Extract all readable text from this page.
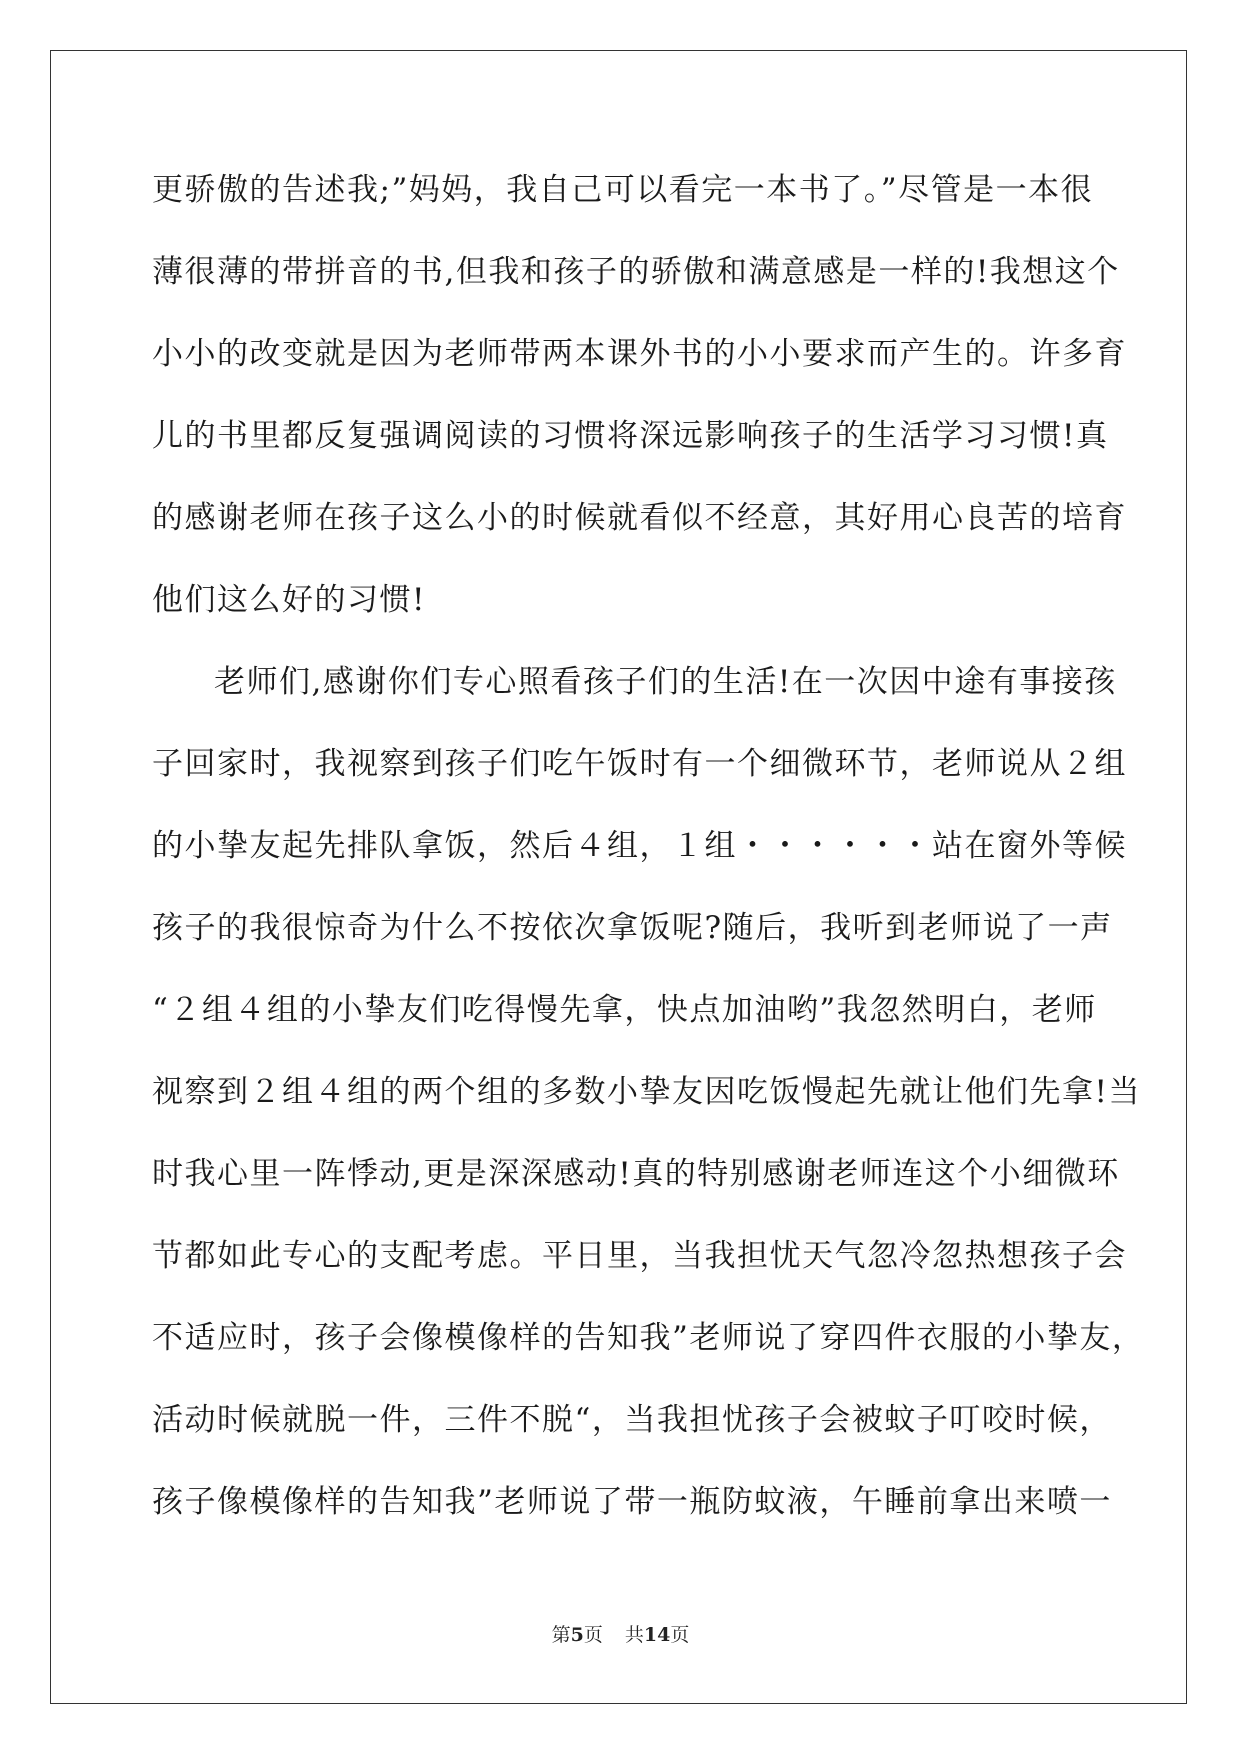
更骄傲的告述我;”妈妈，我自己可以看完一本书了。”尽管是一本很
薄很薄的带拼音的书,但我和孩子的骄傲和满意感是一样的!我想这个
小小的改变就是因为老师带两本课外书的小小要求而产生的。许多育
儿的书里都反复强调阅读的习惯将深远影响孩子的生活学习习惯!真
的感谢老师在孩子这么小的时候就看似不经意，其好用心良苦的培育
他们这么好的习惯!
老师们,感谢你们专心照看孩子们的生活!在一次因中途有事接孩
子回家时，我视察到孩子们吃午饭时有一个细微环节，老师说从２组
的小挚友起先排队拿饭，然后４组，１组・・・・・・站在窗外等候
孩子的我很惊奇为什么不按依次拿饭呢?随后，我听到老师说了一声
“２组４组的小挚友们吃得慢先拿，快点加油哟”我忽然明白，老师
视察到２组４组的两个组的多数小挚友因吃饭慢起先就让他们先拿!当
时我心里一阵悸动,更是深深感动!真的特别感谢老师连这个小细微环
节都如此专心的支配考虑。平日里，当我担忧天气忽冷忽热想孩子会
不适应时，孩子会像模像样的告知我”老师说了穿四件衣服的小挚友，
活动时候就脱一件，三件不脱“，当我担忧孩子会被蚊子叮咬时候，
孩子像模像样的告知我”老师说了带一瓶防蚊液，午睡前拿出来喷一
第5页 共14页
